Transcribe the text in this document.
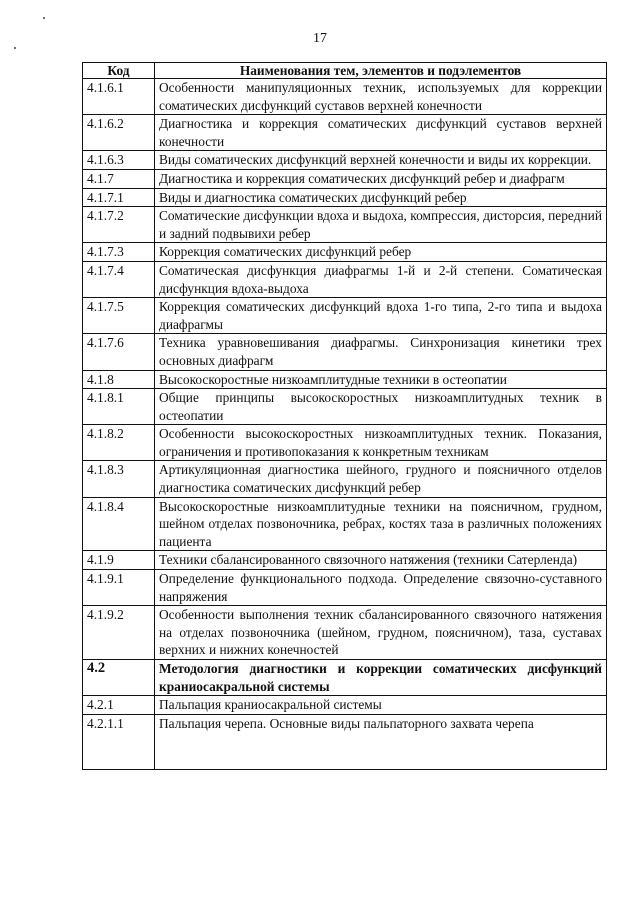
17
Код	Наименования тем, элементов и подэлементов
4.1.6.1	Особенности манипуляционных техник, используемых для коррекции соматических дисфункций суставов верхней конечности
4.1.6.2	Диагностика и коррекция соматических дисфункций суставов верхней конечности
4.1.6.3	Виды соматических дисфункций верхней конечности и виды их коррекции.
4.1.7	Диагностика и коррекция соматических дисфункций ребер и диафрагм
4.1.7.1	Виды и диагностика соматических дисфункций ребер
4.1.7.2	Соматические дисфункции вдоха и выдоха, компрессия, дисторсия, передний и задний подвывихи ребер
4.1.7.3	Коррекция соматических дисфункций ребер
4.1.7.4	Соматическая дисфункция диафрагмы 1-й и 2-й степени. Соматическая дисфункция вдоха-выдоха
4.1.7.5	Коррекция соматических дисфункций вдоха 1-го типа, 2-го типа и выдоха диафрагмы
4.1.7.6	Техника уравновешивания диафрагмы. Синхронизация кинетики трех основных диафрагм
4.1.8	Высокоскоростные низкоамплитудные техники в остеопатии
4.1.8.1	Общие принципы высокоскоростных низкоамплитудных техник в остеопатии
4.1.8.2	Особенности высокоскоростных низкоамплитудных техник. Показания, ограничения и противопоказания к конкретным техникам
4.1.8.3	Артикуляционная диагностика шейного, грудного и поясничного отделов диагностика соматических дисфункций ребер
4.1.8.4	Высокоскоростные низкоамплитудные техники на поясничном, грудном, шейном отделах позвоночника, ребрах, костях таза в различных положениях пациента
4.1.9	Техники сбалансированного связочного натяжения (техники Сатерленда)
4.1.9.1	Определение функционального подхода. Определение связочно-суставного напряжения
4.1.9.2	Особенности выполнения техник сбалансированного связочного натяжения на отделах позвоночника (шейном, грудном, поясничном), таза, суставах верхних и нижних конечностей
4.2	Методология диагностики и коррекции соматических дисфункций краниосакральной системы
4.2.1	Пальпация краниосакральной системы
4.2.1.1	Пальпация черепа. Основные виды пальпаторного захвата черепа
